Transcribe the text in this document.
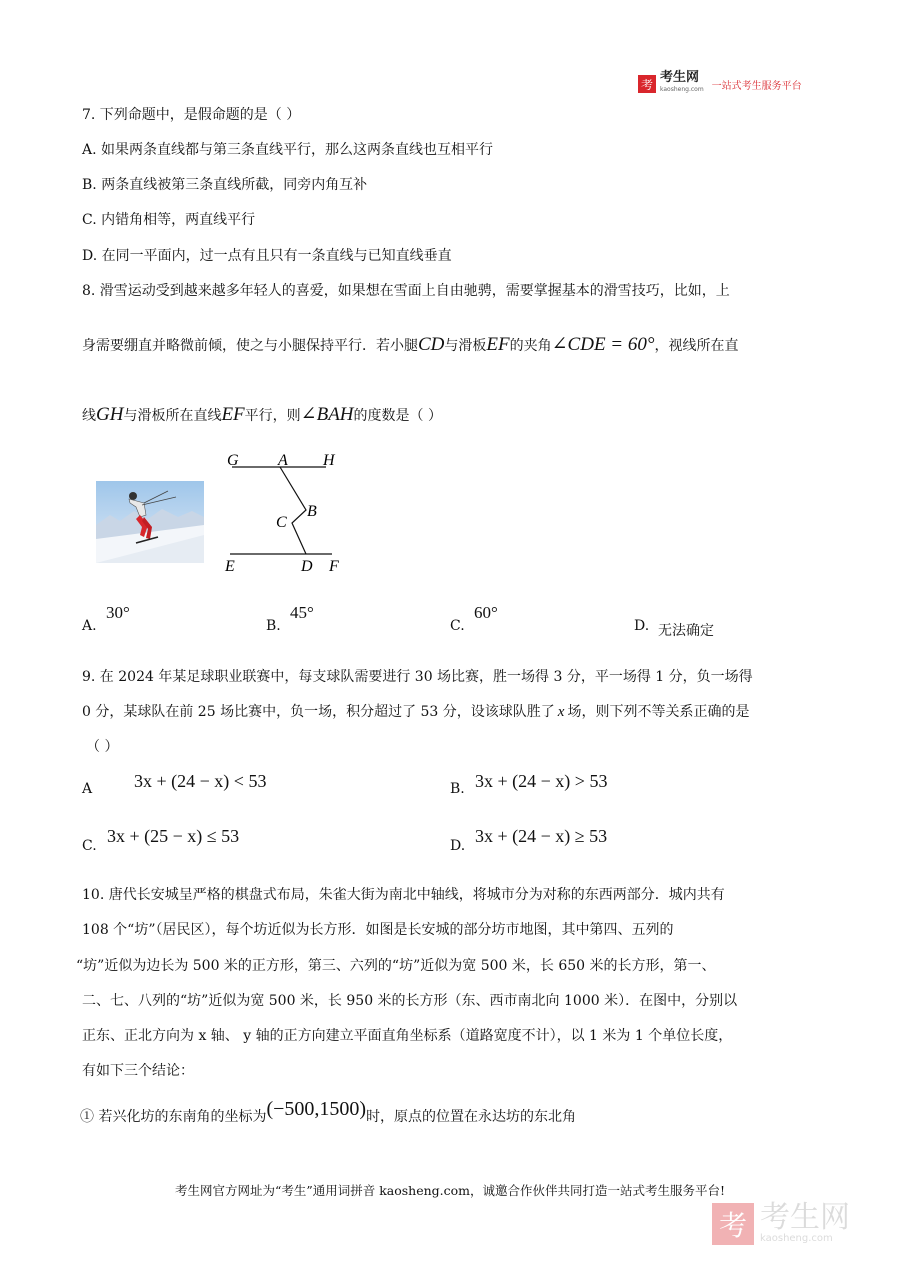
考 考生网
kaosheng.com 一站式考生服务平台
7. 下列命题中，是假命题的是（ ）
A. 如果两条直线都与第三条直线平行，那么这两条直线也互相平行
B. 两条直线被第三条直线所截，同旁内角互补
C. 内错角相等，两直线平行
D. 在同一平面内，过一点有且只有一条直线与已知直线垂直
8. 滑雪运动受到越来越多年轻人的喜爱，如果想在雪面上自由驰骋，需要掌握基本的滑雪技巧，比如，上
身需要绷直并略微前倾，使之与小腿保持平行．若小腿 CD 与滑板 EF 的夹角 ∠CDE = 60° ，视线所在直
线 GH 与滑板所在直线 EF 平行，则 ∠BAH 的度数是（ ）
G A H
B
C
E	D F
A.
30°
B.
45°
C.
60°
D. 无法确定
9. 在 2024 年某足球职业联赛中，每支球队需要进行 30 场比赛，胜一场得 3 分，平一场得 1 分，负一场得
0 分，某球队在前 25 场比赛中，负一场，积分超过了 53 分，设该球队胜了 x 场，则下列不等关系正确的是
（ ）
A 3x + (24 − x) < 53	B. 3x + (24 − x) > 53
C. 3x + (25 − x) ≤ 53	D. 3x + (24 − x) ≥ 53
10. 唐代长安城呈严格的棋盘式布局，朱雀大街为南北中轴线，将城市分为对称的东西两部分．城内共有
108 个“坊”（居民区），每个坊近似为长方形．如图是长安城的部分坊市地图，其中第四、五列的
“坊”近似为边长为 500 米的正方形，第三、六列的“坊”近似为宽 500 米，长 650 米的长方形，第一、
二、七、八列的“坊”近似为宽 500 米，长 950 米的长方形（东、西市南北向 1000 米）．在图中，分别以
正东、正北方向为 x 轴、 y 轴的正方向建立平面直角坐标系（道路宽度不计），以 1 米为 1 个单位长度，
有如下三个结论：
① 若兴化坊的东南角的坐标为 (−500,1500) 时，原点的位置在永达坊的东北角
考生网官方网址为“考生”通用词拼音 kaosheng.com，诚邀合作伙伴共同打造一站式考生服务平台!
考 考生网
kaosheng.com
